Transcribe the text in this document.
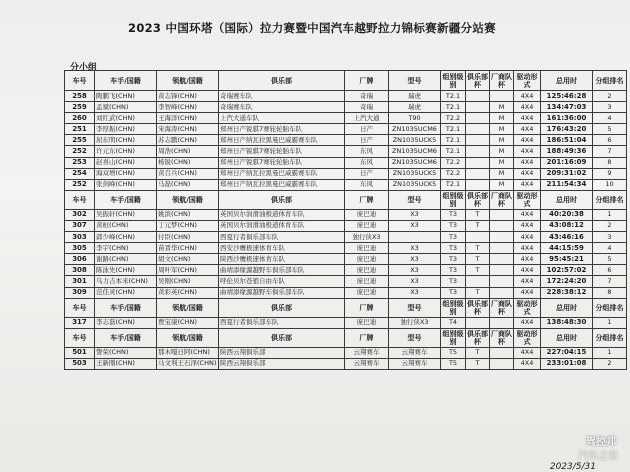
2023 中国环塔（国际）拉力赛暨中国汽车越野拉力锦标赛新疆分站赛
分小组
车号	车手/国籍	领航/国籍	俱乐部	厂牌	型号	组别级别	俱乐部杯	厂商队杯	驱动形式	总用时	分组排名
258	陶鹏飞(CHN)	黄志锋(CHN)	奇瑞赛车队	奇瑞	瑞虎	T2.1			4X4	125:46:28	2
259	孟斌(CHN)	李智峰(CHN)	奇瑞赛车队	奇瑞	瑞虎	T2.1		M	4X4	134:47:03	3
260	刘红武(CHN)	王海洋(CHN)	上汽大通车队	上汽大通	T90	T2.2		M	4X4	161:36:00	4
251	李厚振(CHN)	宋海涛(CHN)	郑州日产锐骐7赛轮轮胎车队	日产	ZN1035UCM6	T2.1		M	4X4	176:43:20	5
255	屈东明(CHN)	苏志鹏(CHN)	郑州日产纳瓦拉黑曼巴威霸赛车队	日产	ZN1035UCK5	T2.1		M	4X4	186:51:04	6
252	许元东(CHN)	周浩(CHN)	郑州日产锐骐7赛轮轮胎车队	东风	ZN1035UCM6	T2.1		M	4X4	188:49:36	7
253	赵喜山(CHN)	杨锐(CHN)	郑州日产锐骐7赛轮轮胎车队	东风	ZN1035UCM6	T2.2		M	4X4	201:16:09	8
254	海双增(CHN)	黄召兵(CHN)	郑州日产纳瓦拉黑曼巴威霸赛车队	日产	ZN1035UCK5	T2.2		M	4X4	209:31:02	9
252	张剑峰(CHN)	马磊(CHN)	郑州日产纳瓦拉黑曼巴威霸赛车队	东风	ZN1035UCK5	T2.1		M	4X4	211:54:34	10
车号	车手/国籍	领航/国籍	俱乐部	厂牌	型号	组别级别	俱乐部杯	厂商队杯	驱动形式	总用时	分组排名
302	吴振轩(CHN)	姚滨(CHN)	英国贝尔润滑油极道体育车队	庞巴迪	X3	T3	T		4X4	40:20:38	1
307	黄桓(CHN)	丁元梦(CHN)	英国贝尔润滑油极道体育车队	庞巴迪	X3	T3	T		4X4	43:08:12	2
303	郭少峰(CHN)	付臣(CHN)	西夏行者俱乐部车队	独行侠X3		T3			4X4	43:46:16	3
305	李宇(CHN)	苗晋华(CHN)	西安沙鹰极速体育车队	庞巴迪	X3	T3	T		4X4	44:15:59	4
306	谢路(CHN)	胡文(CHN)	陕西沙鹰极速体育车队	庞巴迪	X3	T3	T		4X4	95:45:21	5
308	陈泳先(CHN)	周叶军(CHN)	曲靖添缘源越野车俱乐部车队	庞巴迪	X3	T3	T		4X4	102:57:02	6
301	乌力吉本米(CHN)	吴刚(CHN)	呼伦贝尔苍狼自由车队	庞巴迪	X3	T3			4X4	172:24:20	7
309	范佳灵(CHN)	黄彩英(CHN)	曲靖添缘源越野车俱乐部车队	庞巴迪	X3	T3	T		4X4	228:38:12	8
车号	车手/国籍	领航/国籍	俱乐部	厂牌	型号	组别级别	俱乐部杯	厂商队杯	驱动形式	总用时	分组排名
317	李志磊(CHN)	贾宝康(CHN)	西夏行者俱乐部车队	庞巴迪	独行侠X3	T4			4X4	138:48:30	1
车号	车手/国籍	领航/国籍	俱乐部	厂牌	型号	组别级别	俱乐部杯	厂商队杯	驱动形式	总用时	分组排名
501	訾荣(CHN)	那木嘎日阿(CHN)	陕西云翔俱乐部	云翔赛车	云翔赛车	T5	T		4X4	227:04:15	1
503	王新刚(CHN)	马文利王石泽(CHN)	陕西云翔俱乐部	云翔赛车	云翔赛车	T5	T		4X4	233:01:08	2
驾控邦
汽车之家
2023/5/31
